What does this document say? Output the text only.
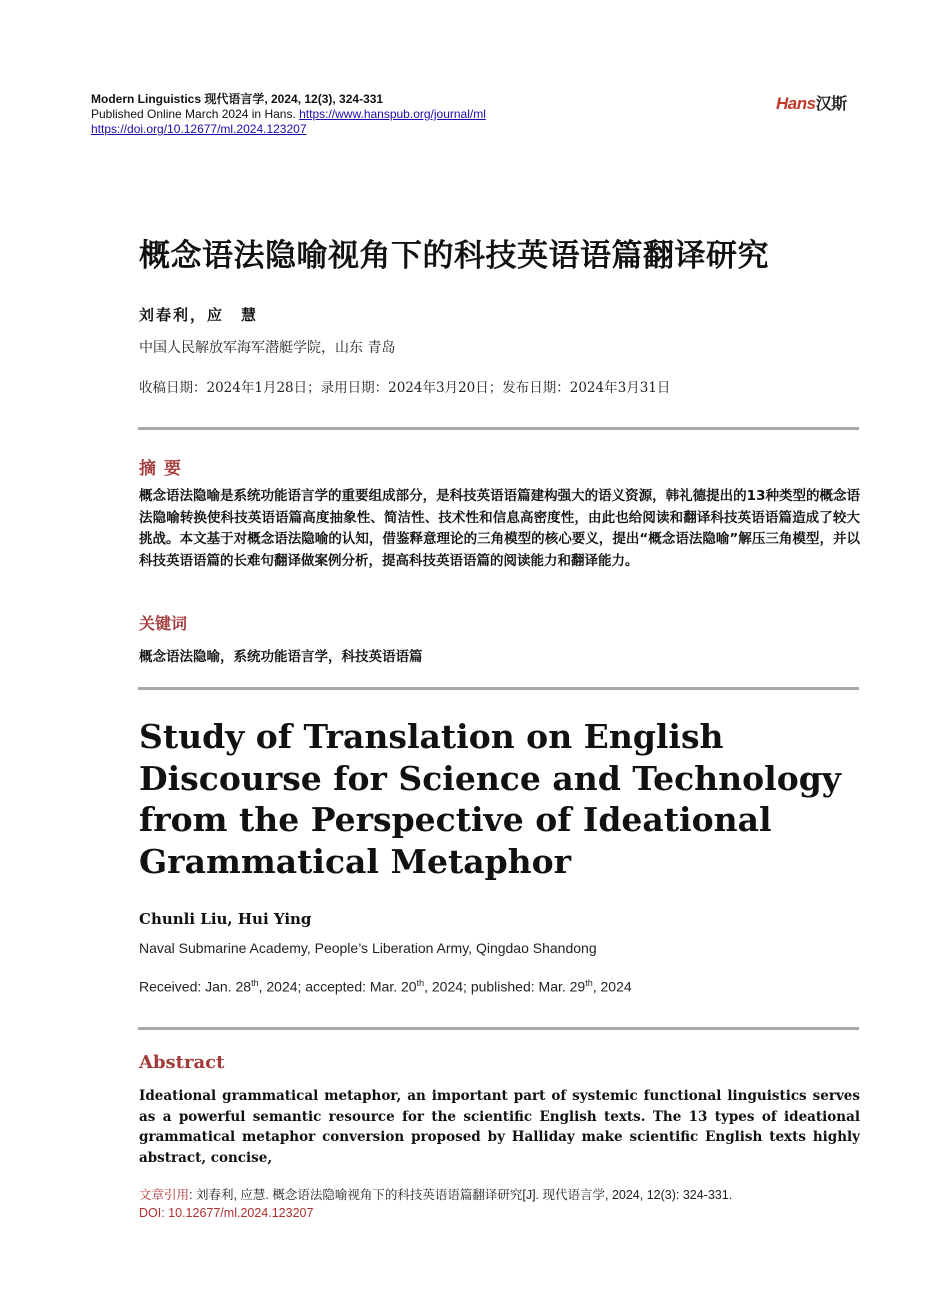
Modern Linguistics 现代语言学, 2024, 12(3), 324-331
Published Online March 2024 in Hans. https://www.hanspub.org/journal/ml
https://doi.org/10.12677/ml.2024.123207
Hans汉斯
概念语法隐喻视角下的科技英语语篇翻译研究
刘春利，应　慧
中国人民解放军海军潜艇学院，山东 青岛
收稿日期：2024年1月28日；录用日期：2024年3月20日；发布日期：2024年3月31日
摘要
概念语法隐喻是系统功能语言学的重要组成部分，是科技英语语篇建构强大的语义资源，韩礼德提出的13种类型的概念语法隐喻转换使科技英语语篇高度抽象性、简洁性、技术性和信息高密度性，由此也给阅读和翻译科技英语语篇造成了较大挑战。本文基于对概念语法隐喻的认知，借鉴释意理论的三角模型的核心要义，提出“概念语法隐喻”解压三角模型，并以科技英语语篇的长难句翻译做案例分析，提高科技英语语篇的阅读能力和翻译能力。
关键词
概念语法隐喻，系统功能语言学，科技英语语篇
Study of Translation on English Discourse for Science and Technology from the Perspective of Ideational Grammatical Metaphor
Chunli Liu, Hui Ying
Naval Submarine Academy, People’s Liberation Army, Qingdao Shandong
Received: Jan. 28th, 2024; accepted: Mar. 20th, 2024; published: Mar. 29th, 2024
Abstract
Ideational grammatical metaphor, an important part of systemic functional linguistics serves as a powerful semantic resource for the scientific English texts. The 13 types of ideational grammatical metaphor conversion proposed by Halliday make scientific English texts highly abstract, concise,
文章引用: 刘春利, 应慧. 概念语法隐喻视角下的科技英语语篇翻译研究[J]. 现代语言学, 2024, 12(3): 324-331.
DOI: 10.12677/ml.2024.123207
